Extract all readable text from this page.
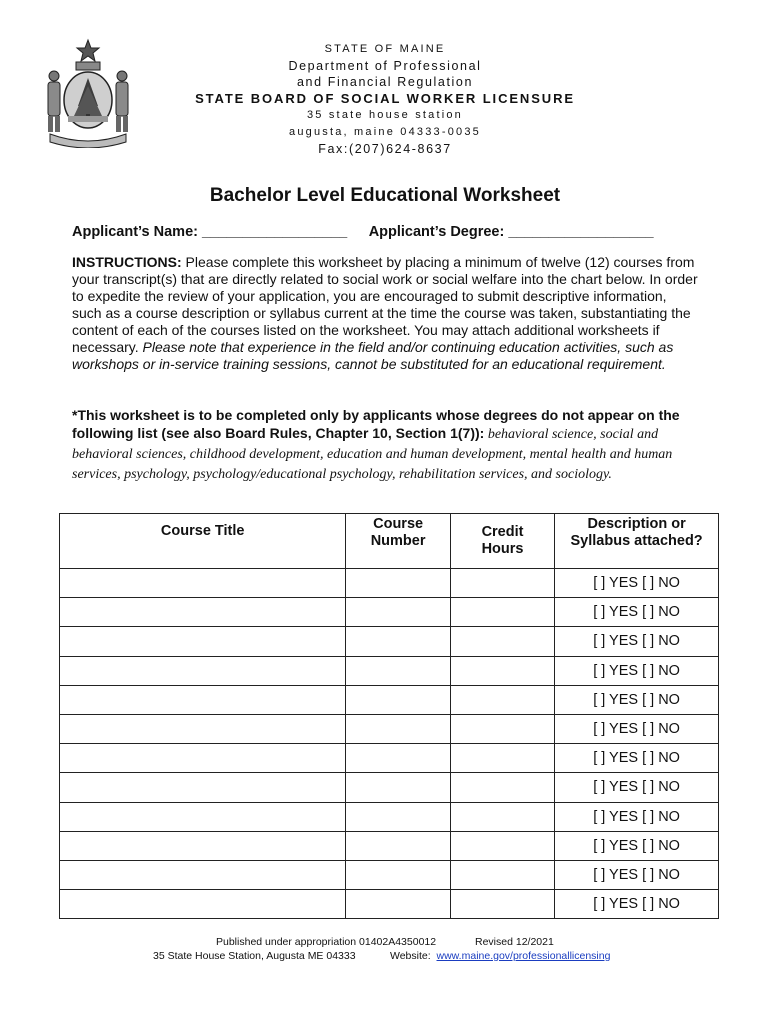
STATE OF MAINE
Department of Professional
and Financial Regulation
STATE BOARD OF SOCIAL WORKER LICENSURE
35 state house station
augusta, maine 04333-0035
Fax:(207)624-8637
Bachelor Level Educational Worksheet
Applicant’s Name: __________________ Applicant’s Degree: __________________
INSTRUCTIONS: Please complete this worksheet by placing a minimum of twelve (12) courses from your transcript(s) that are directly related to social work or social welfare into the chart below. In order to expedite the review of your application, you are encouraged to submit descriptive information, such as a course description or syllabus current at the time the course was taken, substantiating the content of each of the courses listed on the worksheet. You may attach additional worksheets if necessary. Please note that experience in the field and/or continuing education activities, such as workshops or in-service training sessions, cannot be substituted for an educational requirement.
*This worksheet is to be completed only by applicants whose degrees do not appear on the following list (see also Board Rules, Chapter 10, Section 1(7)): behavioral science, social and behavioral sciences, childhood development, education and human development, mental health and human services, psychology, psychology/educational psychology, rehabilitation services, and sociology.
Course Title	Course Number	Credit Hours	Description or Syllabus attached?

			[ ] YES [ ] NO
			[ ] YES [ ] NO
			[ ] YES [ ] NO
			[ ] YES [ ] NO
			[ ] YES [ ] NO
			[ ] YES [ ] NO
			[ ] YES [ ] NO
			[ ] YES [ ] NO
			[ ] YES [ ] NO
			[ ] YES [ ] NO
			[ ] YES [ ] NO
			[ ] YES [ ] NO
Published under appropriation 01402A4350012	Revised 12/2021
35 State House Station, Augusta ME 04333	Website: www.maine.gov/professionallicensing
